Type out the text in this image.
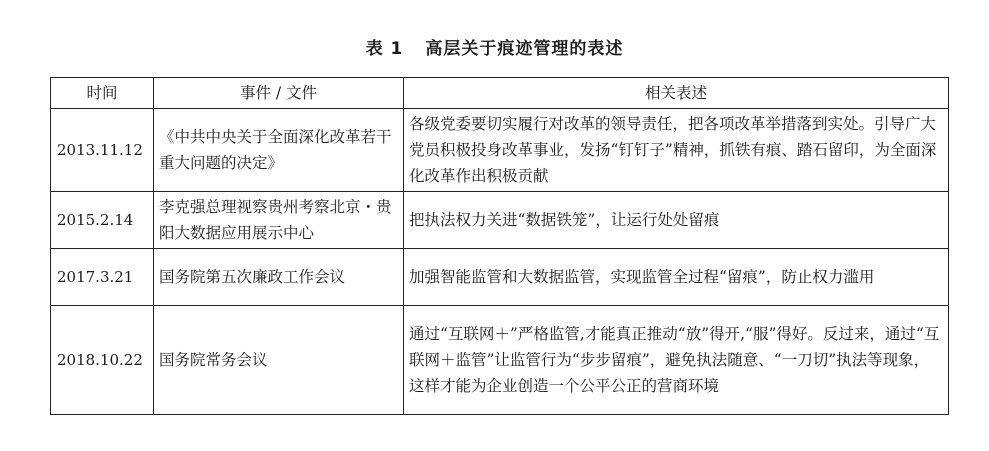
表 1 高层关于痕迹管理的表述
时间	事件 / 文件	相关表述
2013.11.12	《中共中央关于全面深化改革若干重大问题的决定》	各级党委要切实履行对改革的领导责任，把各项改革举措落到实处。引导广大党员积极投身改革事业，发扬“钉钉子”精神，抓铁有痕、踏石留印，为全面深化改革作出积极贡献
2015.2.14	李克强总理视察贵州考察北京・贵阳大数据应用展示中心	把执法权力关进“数据铁笼”，让运行处处留痕
2017.3.21	国务院第五次廉政工作会议	加强智能监管和大数据监管，实现监管全过程“留痕”，防止权力滥用
2018.10.22	国务院常务会议	通过“互联网＋”严格监管,才能真正推动“放”得开,“服”得好。反过来，通过“互联网＋监管”让监管行为“步步留痕”，避免执法随意、“一刀切”执法等现象，这样才能为企业创造一个公平公正的营商环境
